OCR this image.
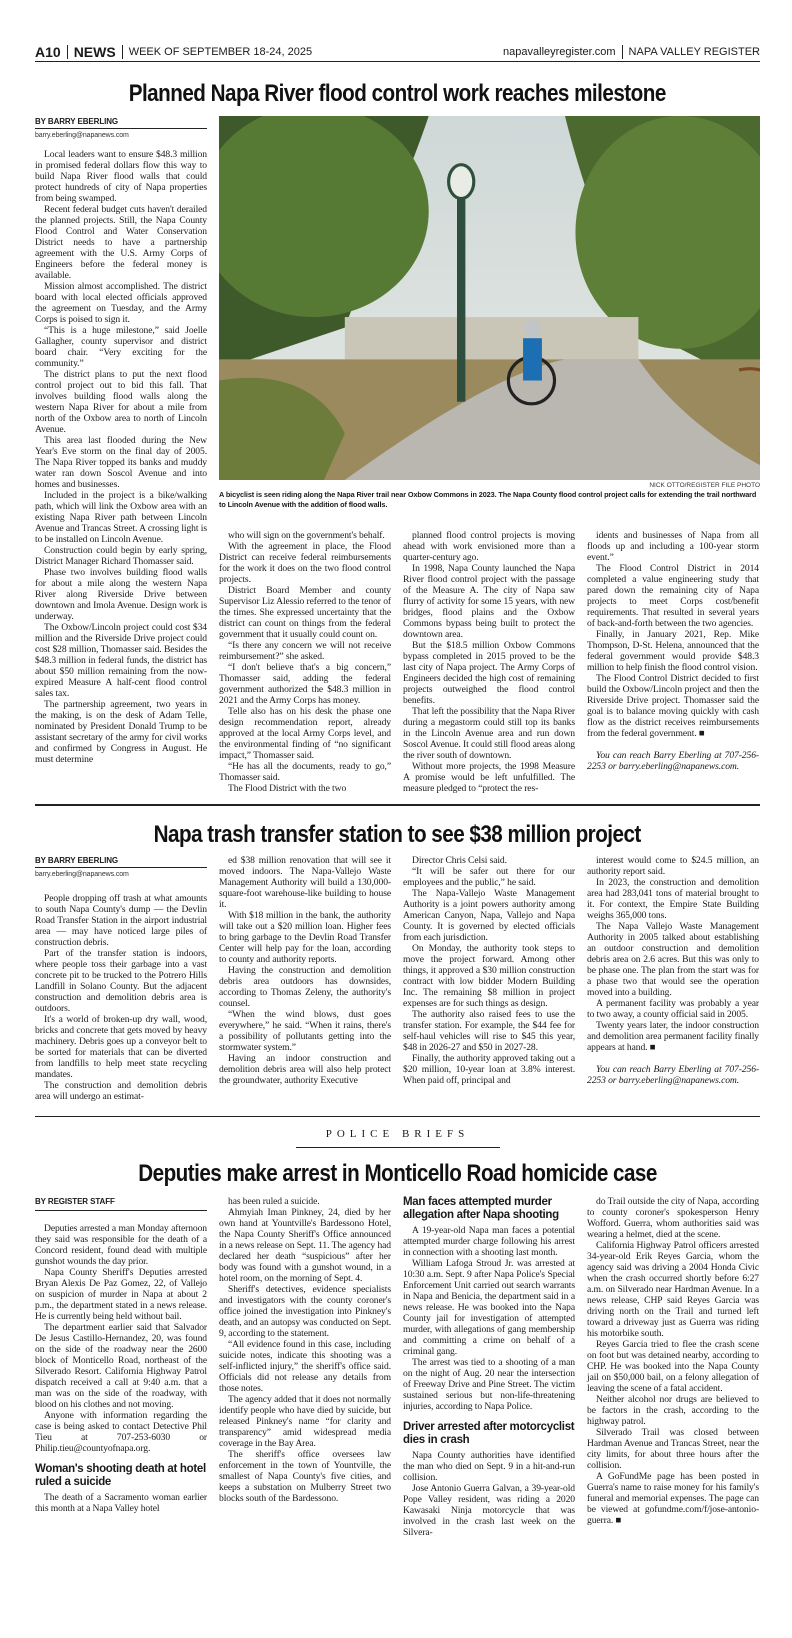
A10 NEWS WEEK OF SEPTEMBER 18-24, 2025	napavalleyregister.com NAPA VALLEY REGISTER
Planned Napa River flood control work reaches milestone
BY BARRY EBERLING
barry.eberling@napanews.com

Local leaders want to ensure $48.3 million in promised federal dollars flow this way to build Napa River flood walls that could protect hundreds of city of Napa properties from being swamped.

Recent federal budget cuts haven't derailed the planned projects. Still, the Napa County Flood Control and Water Conservation District needs to have a partnership agreement with the U.S. Army Corps of Engineers before the federal money is available.

Mission almost accomplished. The district board with local elected officials approved the agreement on Tuesday, and the Army Corps is poised to sign it.

“This is a huge milestone,” said Joelle Gallagher, county supervisor and district board chair. “Very exciting for the community.”

The district plans to put the next flood control project out to bid this fall. That involves building flood walls along the western Napa River for about a mile from north of the Oxbow area to north of Lincoln Avenue.

This area last flooded during the New Year's Eve storm on the final day of 2005. The Napa River topped its banks and muddy water ran down Soscol Avenue and into homes and businesses.

Included in the project is a bike/walking path, which will link the Oxbow area with an existing Napa River path between Lincoln Avenue and Trancas Street. A crossing light is to be installed on Lincoln Avenue.

Construction could begin by early spring, District Manager Richard Thomasser said.

Phase two involves building flood walls for about a mile along the western Napa River along Riverside Drive between downtown and Imola Avenue. Design work is underway.

The Oxbow/Lincoln project could cost $34 million and the Riverside Drive project could cost $28 million, Thomasser said. Besides the $48.3 million in federal funds, the district has about $50 million remaining from the now-expired Measure A half-cent flood control sales tax.

The partnership agreement, two years in the making, is on the desk of Adam Telle, nominated by President Donald Trump to be assistant secretary of the army for civil works and confirmed by Congress in August. He must determine

NICK OTTO/REGISTER FILE PHOTO
A bicyclist is seen riding along the Napa River trail near Oxbow Commons in 2023. The Napa County flood control project calls for extending the trail northward to Lincoln Avenue with the addition of flood walls.

who will sign on the government's behalf.

With the agreement in place, the Flood District can receive federal reimbursements for the work it does on the two flood control projects.

District Board Member and county Supervisor Liz Alessio referred to the tenor of the times. She expressed uncertainty that the district can count on things from the federal government that it usually could count on.

“Is there any concern we will not receive reimbursement?” she asked.

“I don't believe that's a big concern,” Thomasser said, adding the federal government authorized the $48.3 million in 2021 and the Army Corps has money.

Telle also has on his desk the phase one design recommendation report, already approved at the local Army Corps level, and the environmental finding of “no significant impact,” Thomasser said.

“He has all the documents, ready to go,” Thomasser said.

The Flood District with the two

planned flood control projects is moving ahead with work envisioned more than a quarter-century ago.

In 1998, Napa County launched the Napa River flood control project with the passage of the Measure A. The city of Napa saw flurry of activity for some 15 years, with new bridges, flood plains and the Oxbow Commons bypass being built to protect the downtown area.

But the $18.5 million Oxbow Commons bypass completed in 2015 proved to be the last city of Napa project. The Army Corps of Engineers decided the high cost of remaining projects outweighed the flood control benefits.

That left the possibility that the Napa River during a megastorm could still top its banks in the Lincoln Avenue area and run down Soscol Avenue. It could still flood areas along the river south of downtown.

Without more projects, the 1998 Measure A promise would be left unfulfilled. The measure pledged to “protect the res-

idents and businesses of Napa from all floods up and including a 100-year storm event.”

The Flood Control District in 2014 completed a value engineering study that pared down the remaining city of Napa projects to meet Corps cost/benefit requirements. That resulted in several years of back-and-forth between the two agencies.

Finally, in January 2021, Rep. Mike Thompson, D-St. Helena, announced that the federal government would provide $48.3 million to help finish the flood control vision.

The Flood Control District decided to first build the Oxbow/Lincoln project and then the Riverside Drive project. Thomasser said the goal is to balance moving quickly with cash flow as the district receives reimbursements from the federal government. ■

You can reach Barry Eberling at 707-256-2253 or barry.eberling@napanews.com.

Napa trash transfer station to see $38 million project
BY BARRY EBERLING
barry.eberling@napanews.com

People dropping off trash at what amounts to south Napa County's dump — the Devlin Road Transfer Station in the airport industrial area — may have noticed large piles of construction debris.

Part of the transfer station is indoors, where people toss their garbage into a vast concrete pit to be trucked to the Potrero Hills Landfill in Solano County. But the adjacent construction and demolition debris area is outdoors.

It's a world of broken-up dry wall, wood, bricks and concrete that gets moved by heavy machinery. Debris goes up a conveyor belt to be sorted for materials that can be diverted from landfills to help meet state recycling mandates.

The construction and demolition debris area will undergo an estimat-

ed $38 million renovation that will see it moved indoors. The Napa-Vallejo Waste Management Authority will build a 130,000-square-foot warehouse-like building to house it.

With $18 million in the bank, the authority will take out a $20 million loan. Higher fees to bring garbage to the Devlin Road Transfer Center will help pay for the loan, according to county and authority reports.

Having the construction and demolition debris area outdoors has downsides, according to Thomas Zeleny, the authority's counsel.

“When the wind blows, dust goes everywhere,” he said. “When it rains, there's a possibility of pollutants getting into the stormwater system.”

Having an indoor construction and demolition debris area will also help protect the groundwater, authority Executive

Director Chris Celsi said.

“It will be safer out there for our employees and the public,” he said.

The Napa-Vallejo Waste Management Authority is a joint powers authority among American Canyon, Napa, Vallejo and Napa County. It is governed by elected officials from each jurisdiction.

On Monday, the authority took steps to move the project forward. Among other things, it approved a $30 million construction contract with low bidder Modern Building Inc. The remaining $8 million in project expenses are for such things as design.

The authority also raised fees to use the transfer station. For example, the $44 fee for self-haul vehicles will rise to $45 this year, $48 in 2026-27 and $50 in 2027-28.

Finally, the authority approved taking out a $20 million, 10-year loan at 3.8% interest. When paid off, principal and

interest would come to $24.5 million, an authority report said.

In 2023, the construction and demolition area had 283,041 tons of material brought to it. For context, the Empire State Building weighs 365,000 tons.

The Napa Vallejo Waste Management Authority in 2005 talked about establishing an outdoor construction and demolition debris area on 2.6 acres. But this was only to be phase one. The plan from the start was for a phase two that would see the operation moved into a building.

A permanent facility was probably a year to two away, a county official said in 2005.

Twenty years later, the indoor construction and demolition area permanent facility finally appears at hand. ■

You can reach Barry Eberling at 707-256-2253 or barry.eberling@napanews.com.

POLICE BRIEFS
Deputies make arrest in Monticello Road homicide case
BY REGISTER STAFF

Deputies arrested a man Monday afternoon they said was responsible for the death of a Concord resident, found dead with multiple gunshot wounds the day prior.

Napa County Sheriff's Deputies arrested Bryan Alexis De Paz Gomez, 22, of Vallejo on suspicion of murder in Napa at about 2 p.m., the department stated in a news release. He is currently being held without bail.

The department earlier said that Salvador De Jesus Castillo-Hernandez, 20, was found on the side of the roadway near the 2600 block of Monticello Road, northeast of the Silverado Resort. California Highway Patrol dispatch received a call at 9:40 a.m. that a man was on the side of the roadway, with blood on his clothes and not moving.

Anyone with information regarding the case is being asked to contact Detective Phil Tieu at 707-253-6030 or Philip.tieu@countyofnapa.org.

Woman's shooting death at hotel ruled a suicide

The death of a Sacramento woman earlier this month at a Napa Valley hotel

has been ruled a suicide.

Ahmyiah Iman Pinkney, 24, died by her own hand at Yountville's Bardessono Hotel, the Napa County Sheriff's Office announced in a news release on Sept. 11. The agency had declared her death “suspicious” after her body was found with a gunshot wound, in a hotel room, on the morning of Sept. 4.

Sheriff's detectives, evidence specialists and investigators with the county coroner's office joined the investigation into Pinkney's death, and an autopsy was conducted on Sept. 9, according to the statement.

“All evidence found in this case, including suicide notes, indicate this shooting was a self-inflicted injury,” the sheriff's office said. Officials did not release any details from those notes.

The agency added that it does not normally identify people who have died by suicide, but released Pinkney's name “for clarity and transparency” amid widespread media coverage in the Bay Area.

The sheriff's office oversees law enforcement in the town of Yountville, the smallest of Napa County's five cities, and keeps a substation on Mulberry Street two blocks south of the Bardessono.

Man faces attempted murder allegation after Napa shooting

A 19-year-old Napa man faces a potential attempted murder charge following his arrest in connection with a shooting last month.

William Lafoga Stroud Jr. was arrested at 10:30 a.m. Sept. 9 after Napa Police's Special Enforcement Unit carried out search warrants in Napa and Benicia, the department said in a news release. He was booked into the Napa County jail for investigation of attempted murder, with allegations of gang membership and committing a crime on behalf of a criminal gang.

The arrest was tied to a shooting of a man on the night of Aug. 20 near the intersection of Freeway Drive and Pine Street. The victim sustained serious but non-life-threatening injuries, according to Napa Police.

Driver arrested after motorcyclist dies in crash

Napa County authorities have identified the man who died on Sept. 9 in a hit-and-run collision.

Jose Antonio Guerra Galvan, a 39-year-old Pope Valley resident, was riding a 2020 Kawasaki Ninja motorcycle that was involved in the crash last week on the Silvera-

do Trail outside the city of Napa, according to county coroner's spokesperson Henry Wofford. Guerra, whom authorities said was wearing a helmet, died at the scene.

California Highway Patrol officers arrested 34-year-old Erik Reyes Garcia, whom the agency said was driving a 2004 Honda Civic when the crash occurred shortly before 6:27 a.m. on Silverado near Hardman Avenue. In a news release, CHP said Reyes Garcia was driving north on the Trail and turned left toward a driveway just as Guerra was riding his motorbike south.

Reyes Garcia tried to flee the crash scene on foot but was detained nearby, according to CHP. He was booked into the Napa County jail on $50,000 bail, on a felony allegation of leaving the scene of a fatal accident.

Neither alcohol nor drugs are believed to be factors in the crash, according to the highway patrol.

Silverado Trail was closed between Hardman Avenue and Trancas Street, near the city limits, for about three hours after the collision.

A GoFundMe page has been posted in Guerra's name to raise money for his family's funeral and memorial expenses. The page can be viewed at gofundme.com/f/jose-antonio-guerra. ■
